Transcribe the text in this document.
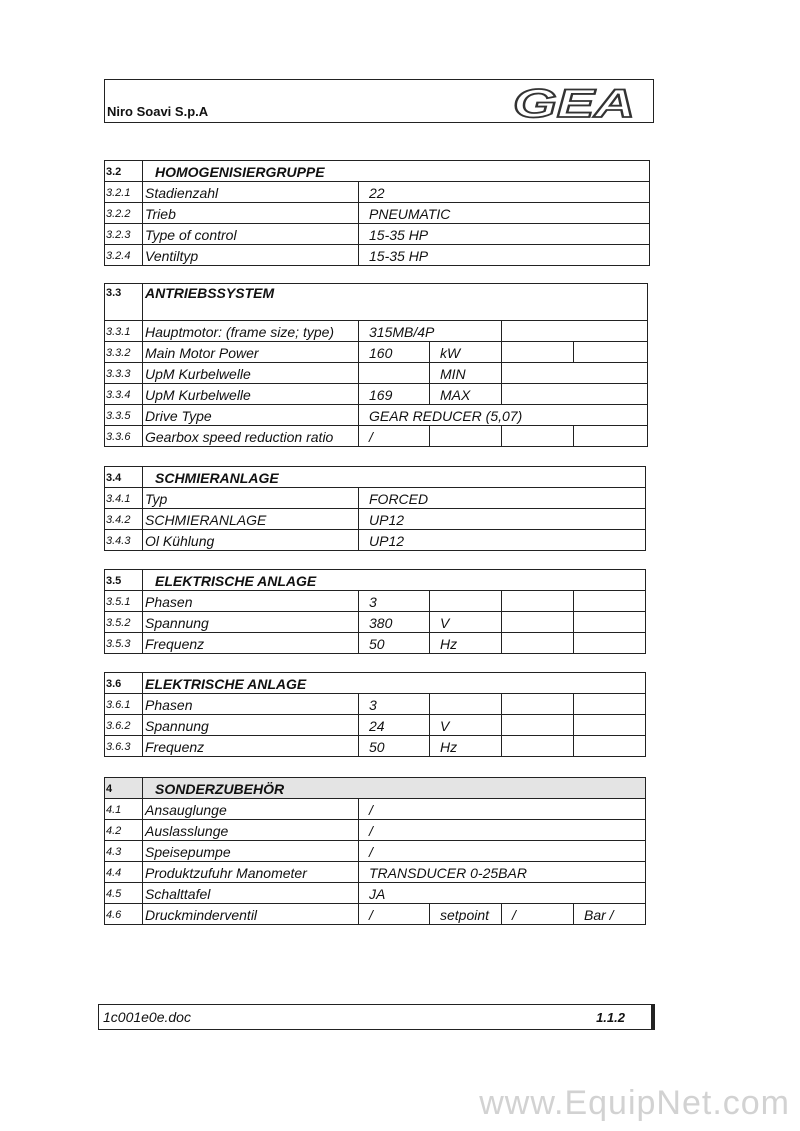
Niro Soavi S.p.A	GEA
3.2	HOMOGENISIERGRUPPE	
3.2.1	Stadienzahl	22
3.2.2	Trieb	PNEUMATIC
3.2.3	Type of control	15-35 HP
3.2.4	Ventiltyp	15-35 HP
3.3	ANTRIEBSSYSTEM				
3.3.1	Hauptmotor: (frame size; type)	315MB/4P			
3.3.2	Main Motor Power	160	kW		
3.3.3	UpM Kurbelwelle		MIN		
3.3.4	UpM Kurbelwelle	169	MAX		
3.3.5	Drive Type	GEAR REDUCER (5,07)			
3.3.6	Gearbox speed reduction ratio	/			
3.4	SCHMIERANLAGE	
3.4.1	Typ	FORCED
3.4.2	SCHMIERANLAGE	UP12
3.4.3	Ol Kühlung	UP12
3.5	ELEKTRISCHE ANLAGE				
3.5.1	Phasen	3			
3.5.2	Spannung	380	V		
3.5.3	Frequenz	50	Hz		
3.6	ELEKTRISCHE ANLAGE				
3.6.1	Phasen	3			
3.6.2	Spannung	24	V		
3.6.3	Frequenz	50	Hz		
4	SONDERZUBEHÖR				
4.1	Ansauglunge	/			
4.2	Auslasslunge	/			
4.3	Speisepumpe	/			
4.4	Produktzufuhr Manometer	TRANSDUCER 0-25BAR			
4.5	Schalttafel	JA			
4.6	Druckminderventil	/	setpoint	/	Bar /
1c001e0e.doc	1.1.2
www.EquipNet.com
